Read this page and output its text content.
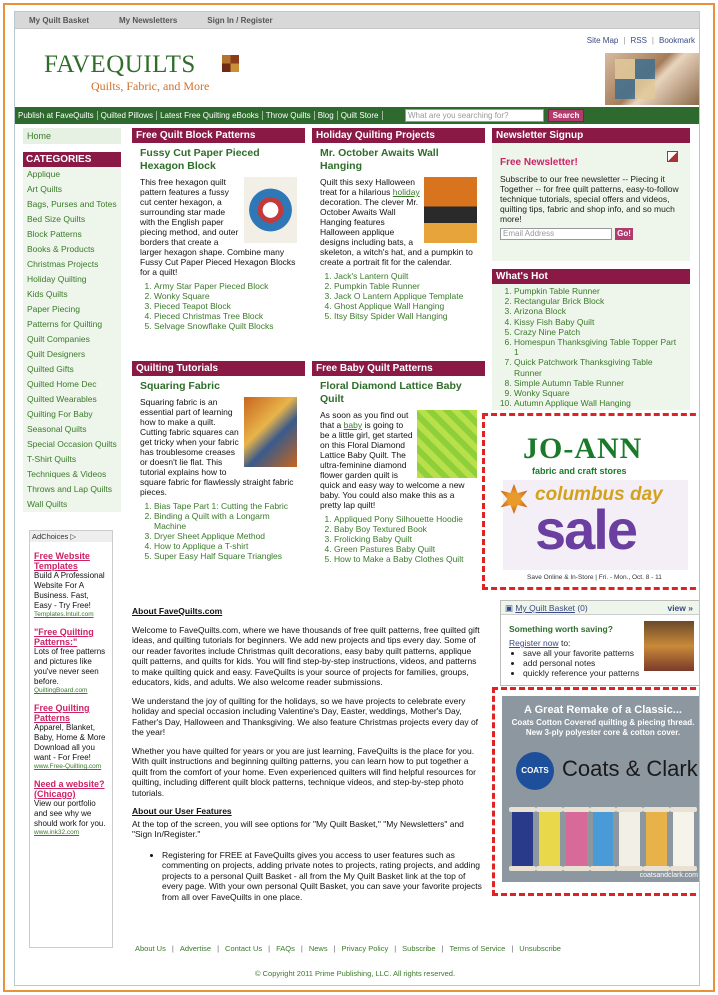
My Quilt Basket	My Newsletters	Sign In / Register
FAVEQUILTS
Quilts, Fabric, and More
Site Map | RSS | Bookmark
Publish at FaveQuilts Quilted Pillows Latest Free Quilting eBooks Throw Quilts Blog Quilt Store	What are you searching for?	Search
Home
CATEGORIES
Applique
Art Quilts
Bags, Purses and Totes
Bed Size Quilts
Block Patterns
Books & Products
Christmas Projects
Holiday Quilting
Kids Quilts
Paper Piecing
Patterns for Quilting
Quilt Companies
Quilt Designers
Quilted Gifts
Quilted Home Dec
Quilted Wearables
Quilting For Baby
Seasonal Quilts
Special Occasion Quilts
T-Shirt Quilts
Techniques & Videos
Throws and Lap Quilts
Wall Quilts
AdChoices ▷
Free Website Templates
Build A Professional Website For A Business. Fast, Easy - Try Free!
Templates.Intuit.com
"Free Quilting Patterns:"
Lots of free patterns and pictures like you've never seen before.
QuiltingBoard.com
Free Quilting Patterns
Apparel, Blanket, Baby, Home & More Download all you want - For Free!
www.Free-Quilting.com
Need a website? (Chicago)
View our portfolio and see why we should work for you.
www.ink32.com
Free Quilt Block Patterns
Fussy Cut Paper Pieced Hexagon Block
This free hexagon quilt pattern features a fussy cut center hexagon, a surrounding star made with the English paper piecing method, and outer borders that create a larger hexagon shape. Combine many Fussy Cut Paper Pieced Hexagon Blocks for a quilt!
1. Army Star Paper Pieced Block
2. Wonky Square
3. Pieced Teapot Block
4. Pieced Christmas Tree Block
5. Selvage Snowflake Quilt Blocks
Holiday Quilting Projects
Mr. October Awaits Wall Hanging
Quilt this sexy Halloween treat for a hilarious holiday decoration. The clever Mr. October Awaits Wall Hanging features Halloween applique designs including bats, a skeleton, a witch's hat, and a pumpkin to create a portrait fit for the calendar.
1. Jack's Lantern Quilt
2. Pumpkin Table Runner
3. Jack O Lantern Applique Template
4. Ghost Applique Wall Hanging
5. Itsy Bitsy Spider Wall Hanging
Quilting Tutorials
Squaring Fabric
Squaring fabric is an essential part of learning how to make a quilt. Cutting fabric squares can get tricky when your fabric has troublesome creases or doesn't lie flat. This tutorial explains how to square fabric for flawlessly straight fabric pieces.
1. Bias Tape Part 1: Cutting the Fabric
2. Binding a Quilt with a Longarm Machine
3. Dryer Sheet Applique Method
4. How to Applique a T-shirt
5. Super Easy Half Square Triangles
Free Baby Quilt Patterns
Floral Diamond Lattice Baby Quilt
As soon as you find out that a baby is going to be a little girl, get started on this Floral Diamond Lattice Baby Quilt. The ultra-feminine diamond flower garden quilt is quick and easy way to welcome a new baby. You could also make this as a pretty lap quilt!
1. Appliqued Pony Silhouette Hoodie
2. Baby Boy Textured Book
3. Frolicking Baby Quilt
4. Green Pastures Baby Quilt
5. How to Make a Baby Clothes Quilt
About FaveQuilts.com

Welcome to FaveQuilts.com, where we have thousands of free quilt patterns, free quilted gift ideas, and quilting tutorials for beginners. We add new projects and tips every day. Some of our reader favorites include Christmas quilt decorations, easy baby quilt patterns, applique quilt patterns, and quilts for kids. You will find step-by-step instructions, videos, and patterns to make quilting quick and easy. FaveQuilts is your source of projects for families, groups, educators, kids, and adults. We also welcome reader submissions.

We understand the joy of quilting for the holidays, so we have projects to celebrate every holiday and special occasion including Valentine's Day, Easter, weddings, Mother's Day, Father's Day, Halloween and Thanksgiving. We also feature Christmas projects every day of the year!

Whether you have quilted for years or you are just learning, FaveQuilts is the place for you. With quilt instructions and beginning quilting patterns, you can learn how to put together a quilt from the comfort of your home. Even experienced quilters will find helpful resources for quilting, including different quilt block patterns, technique videos, and step-by-step photo tutorials.

About our User Features
At the top of the screen, you will see options for "My Quilt Basket," "My Newsletters" and "Sign In/Register."
• Registering for FREE at FaveQuilts gives you access to user features such as commenting on projects, adding private notes to projects, rating projects, and adding projects to a personal Quilt Basket - all from the My Quilt Basket link at the top of every page. With your own personal Quilt Basket, you can save your favorite projects from all over FaveQuilts in one place.
About Us | Advertise | Contact Us | FAQs | News | Privacy Policy | Subscribe | Terms of Service | Unsubscribe
© Copyright 2011 Prime Publishing, LLC. All rights reserved.
Newsletter Signup
Free Newsletter!
Subscribe to our free newsletter -- Piecing it Together -- for free quilt patterns, easy-to-follow technique tutorials, special offers and videos, quilting tips, fabric and shop info, and so much more!
Email Address	Go!
What's Hot
1. Pumpkin Table Runner
2. Rectangular Brick Block
3. Arizona Block
4. Kissy Fish Baby Quilt
5. Crazy Nine Patch
6. Homespun Thanksgiving Table Topper Part 1
7. Quick Patchwork Thanksgiving Table Runner
8. Simple Autumn Table Runner
9. Wonky Square
10. Autumn Applique Wall Hanging
JO-ANN
fabric and craft stores
columbus day
sale
Save Online & In-Store | Fri. - Mon., Oct. 8 - 11
▣ My Quilt Basket (0)	view »
Something worth saving?
Register now to:
• save all your favorite patterns
• add personal notes
• quickly reference your patterns
A Great Remake of a Classic...
Coats Cotton Covered quilting & piecing thread.
New 3-ply polyester core & cotton cover.
COATS Coats & Clark
coatsandclark.com
